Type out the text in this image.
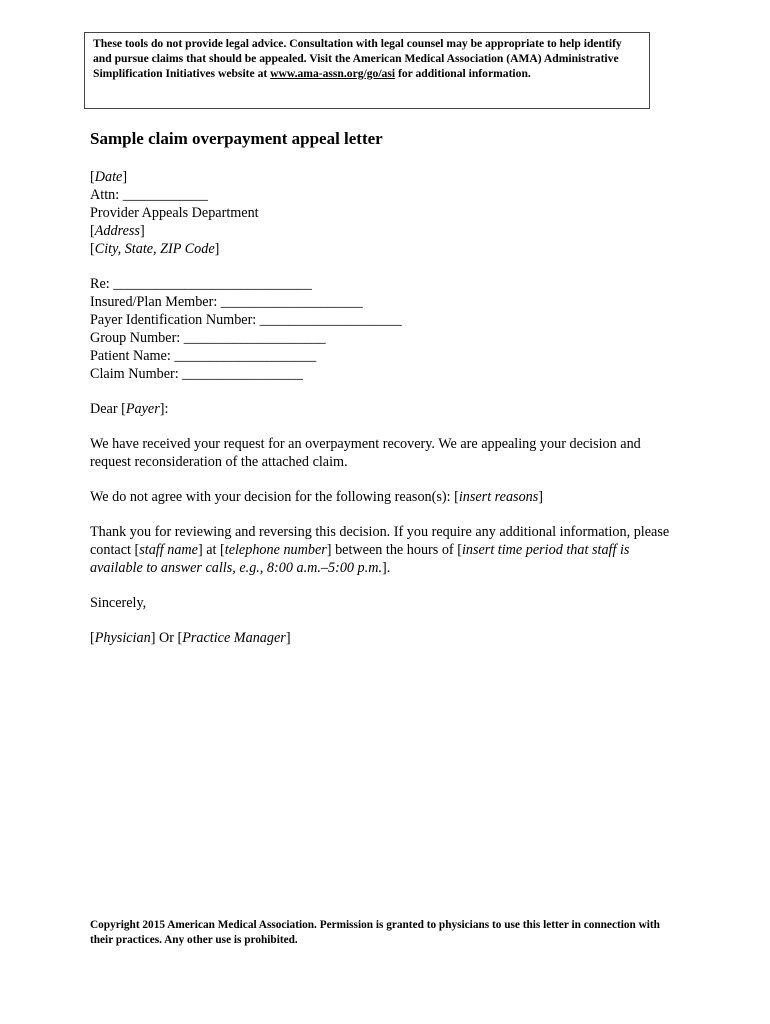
These tools do not provide legal advice. Consultation with legal counsel may be appropriate to help identify and pursue claims that should be appealed. Visit the American Medical Association (AMA) Administrative Simplification Initiatives website at www.ama-assn.org/go/asi for additional information.
Sample claim overpayment appeal letter
[Date]
Attn: ____________
Provider Appeals Department
[Address]
[City, State, ZIP Code]
Re: ____________________________
Insured/Plan Member: ____________________
Payer Identification Number: ____________________
Group Number: ____________________
Patient Name: ____________________
Claim Number: _________________
Dear [Payer]:
We have received your request for an overpayment recovery. We are appealing your decision and request reconsideration of the attached claim.
We do not agree with your decision for the following reason(s): [insert reasons]
Thank you for reviewing and reversing this decision. If you require any additional information, please contact [staff name] at [telephone number] between the hours of [insert time period that staff is available to answer calls, e.g., 8:00 a.m.–5:00 p.m.].
Sincerely,
[Physician] Or [Practice Manager]
Copyright 2015 American Medical Association. Permission is granted to physicians to use this letter in connection with their practices. Any other use is prohibited.
